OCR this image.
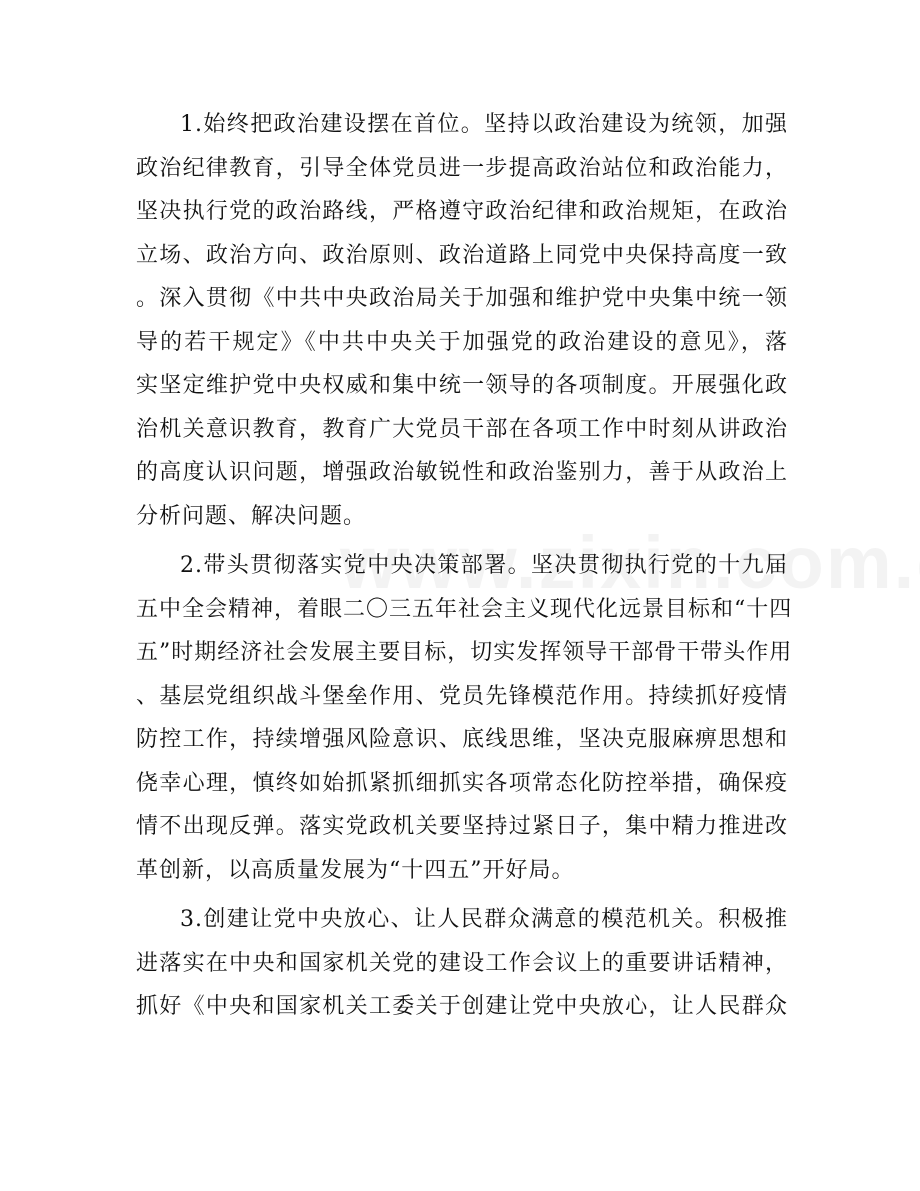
1.始终把政治建设摆在首位。坚持以政治建设为统领，加强
政治纪律教育，引导全体党员进一步提高政治站位和政治能力，
坚决执行党的政治路线，严格遵守政治纪律和政治规矩，在政治
立场、政治方向、政治原则、政治道路上同党中央保持高度一致
。深入贯彻《中共中央政治局关于加强和维护党中央集中统一领
导的若干规定》《中共中央关于加强党的政治建设的意见》，落
实坚定维护党中央权威和集中统一领导的各项制度。开展强化政
治机关意识教育，教育广大党员干部在各项工作中时刻从讲政治
的高度认识问题，增强政治敏锐性和政治鉴别力，善于从政治上
分析问题、解决问题。
2.带头贯彻落实党中央决策部署。坚决贯彻执行党的十九届
五中全会精神，着眼二〇三五年社会主义现代化远景目标和“十四
五”时期经济社会发展主要目标，切实发挥领导干部骨干带头作用
、基层党组织战斗堡垒作用、党员先锋模范作用。持续抓好疫情
防控工作，持续增强风险意识、底线思维，坚决克服麻痹思想和
侥幸心理，慎终如始抓紧抓细抓实各项常态化防控举措，确保疫
情不出现反弹。落实党政机关要坚持过紧日子，集中精力推进改
革创新，以高质量发展为“十四五”开好局。
3.创建让党中央放心、让人民群众满意的模范机关。积极推
进落实在中央和国家机关党的建设工作会议上的重要讲话精神，
抓好《中央和国家机关工委关于创建让党中央放心，让人民群众
